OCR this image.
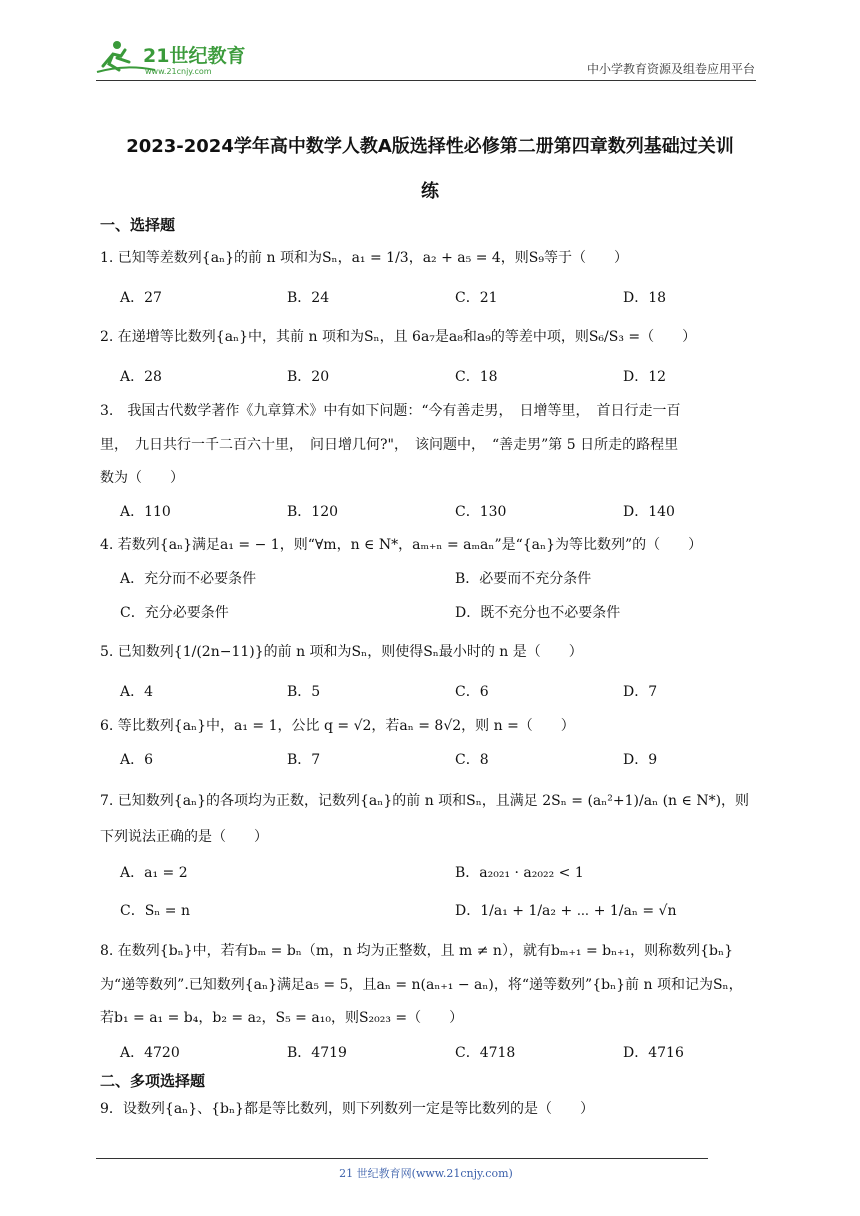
21世纪教育
www.21cnjy.com	中小学教育资源及组卷应用平台
2023-2024学年高中数学人教A版选择性必修第二册第四章数列基础过关训
练
一、选择题
1. 已知等差数列{aₙ}的前 n 项和为Sₙ，a₁ = 1/3，a₂ + a₅ = 4，则S₉等于（　　）
A．27	B．24	C．21	D．18
2. 在递增等比数列{aₙ}中，其前 n 项和为Sₙ，且 6a₇是a₈和a₉的等差中项，则S₆/S₃ =（　　）
A．28	B．20	C．18	D．12
3.　我国古代数学著作《九章算术》中有如下问题：“今有善走男，　日增等里，　首日行走一百
里，　九日共行一千二百六十里，　问日增几何?"，　该问题中，　“善走男”第 5 日所走的路程里
数为（　　）
A．110	B．120	C．130	D．140
4. 若数列{aₙ}满足a₁ = − 1，则“∀m，n ∈ N*，aₘ₊ₙ = aₘaₙ”是“{aₙ}为等比数列”的（　　）
A．充分而不必要条件	B．必要而不充分条件
C．充分必要条件	D．既不充分也不必要条件
5. 已知数列{1/(2n−11)}的前 n 项和为Sₙ，则使得Sₙ最小时的 n 是（　　）
A．4	B．5	C．6	D．7
6. 等比数列{aₙ}中，a₁ = 1，公比 q = √2，若aₙ = 8√2，则 n =（　　）
A．6	B．7	C．8	D．9
7. 已知数列{aₙ}的各项均为正数，记数列{aₙ}的前 n 项和Sₙ，且满足 2Sₙ = (aₙ²+1)/aₙ (n ∈ N*)，则
下列说法正确的是（　　）
A．a₁ = 2	B．a₂₀₂₁ · a₂₀₂₂ < 1
C．Sₙ = n	D．1/a₁ + 1/a₂ + ⋯ + 1/aₙ = √n
8. 在数列{bₙ}中，若有bₘ = bₙ（m，n 均为正整数，且 m ≠ n），就有bₘ₊₁ = bₙ₊₁，则称数列{bₙ}
为“递等数列”.已知数列{aₙ}满足a₅ = 5，且aₙ = n(aₙ₊₁ − aₙ)，将“递等数列”{bₙ}前 n 项和记为Sₙ，
若b₁ = a₁ = b₄，b₂ = a₂，S₅ = a₁₀，则S₂₀₂₃ =（　　）
A．4720	B．4719	C．4718	D．4716
二、多项选择题
9．设数列{aₙ}、{bₙ}都是等比数列，则下列数列一定是等比数列的是（　　）
21 世纪教育网(www.21cnjy.com)
